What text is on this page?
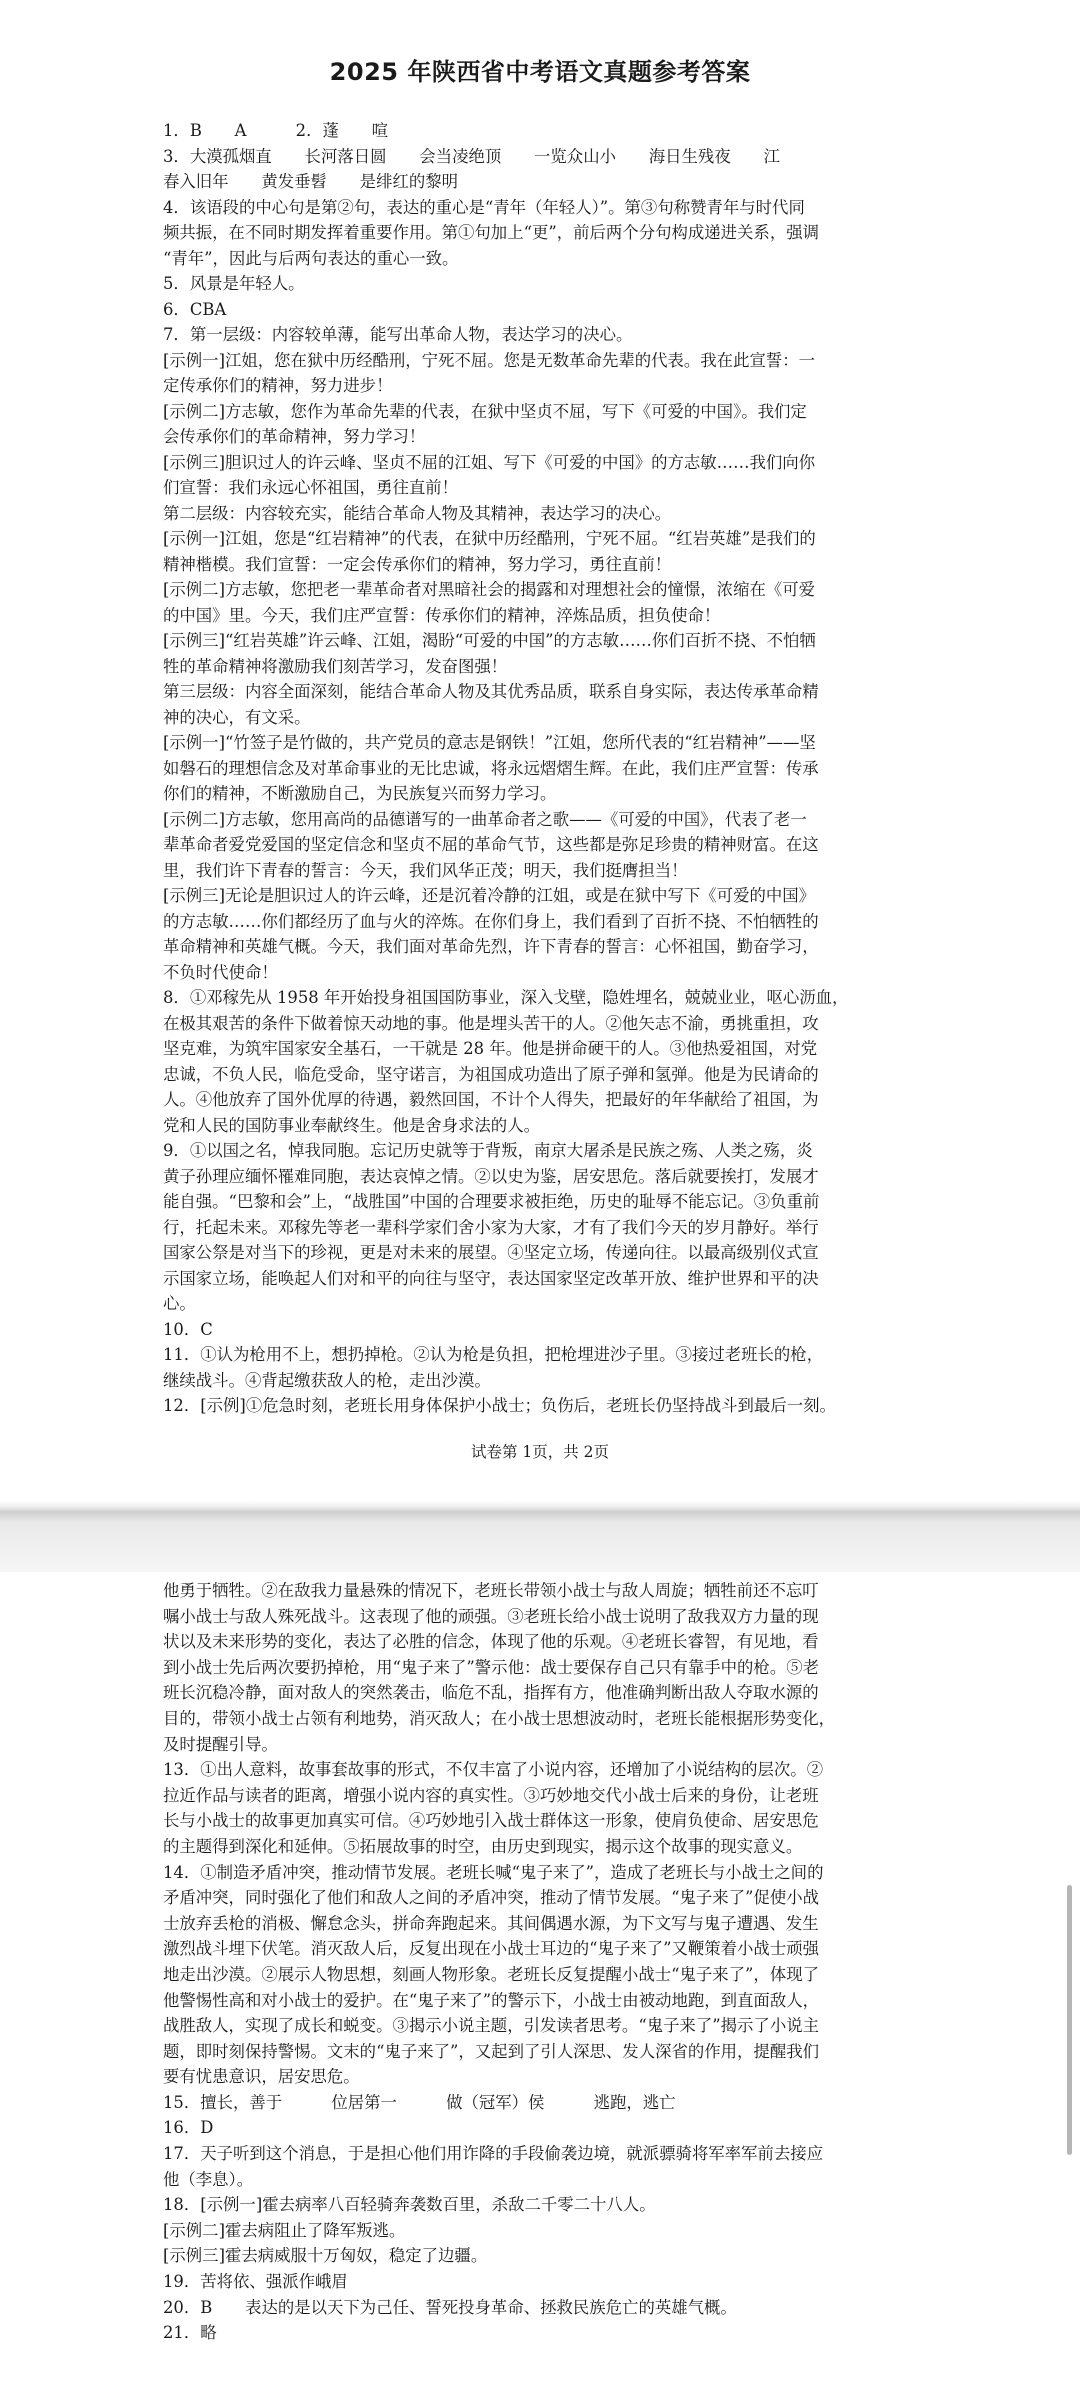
2025 年陕西省中考语文真题参考答案
1．B　　A　　　2．蓬　　喧
3．大漠孤烟直　　长河落日圆　　会当凌绝顶　　一览众山小　　海日生残夜　　江
春入旧年　　黄发垂髫　　是绯红的黎明
4．该语段的中心句是第②句，表达的重心是“青年（年轻人）”。第③句称赞青年与时代同
频共振，在不同时期发挥着重要作用。第①句加上“更”，前后两个分句构成递进关系，强调
“青年”，因此与后两句表达的重心一致。
5．风景是年轻人。
6．CBA
7．第一层级：内容较单薄，能写出革命人物，表达学习的决心。
[示例一]江姐，您在狱中历经酷刑，宁死不屈。您是无数革命先辈的代表。我在此宣誓：一
定传承你们的精神，努力进步！
[示例二]方志敏，您作为革命先辈的代表，在狱中坚贞不屈，写下《可爱的中国》。我们定
会传承你们的革命精神，努力学习！
[示例三]胆识过人的许云峰、坚贞不屈的江姐、写下《可爱的中国》的方志敏……我们向你
们宣誓：我们永远心怀祖国，勇往直前！
第二层级：内容较充实，能结合革命人物及其精神，表达学习的决心。
[示例一]江姐，您是“红岩精神”的代表，在狱中历经酷刑，宁死不屈。“红岩英雄”是我们的
精神楷模。我们宣誓：一定会传承你们的精神，努力学习，勇往直前！
[示例二]方志敏，您把老一辈革命者对黑暗社会的揭露和对理想社会的憧憬，浓缩在《可爱
的中国》里。今天，我们庄严宣誓：传承你们的精神，淬炼品质，担负使命！
[示例三]“红岩英雄”许云峰、江姐，渴盼“可爱的中国”的方志敏……你们百折不挠、不怕牺
牲的革命精神将激励我们刻苦学习，发奋图强！
第三层级：内容全面深刻，能结合革命人物及其优秀品质，联系自身实际，表达传承革命精
神的决心，有文采。
[示例一]“竹签子是竹做的，共产党员的意志是钢铁！”江姐，您所代表的“红岩精神”——坚
如磐石的理想信念及对革命事业的无比忠诚，将永远熠熠生辉。在此，我们庄严宣誓：传承
你们的精神，不断激励自己，为民族复兴而努力学习。
[示例二]方志敏，您用高尚的品德谱写的一曲革命者之歌——《可爱的中国》，代表了老一
辈革命者爱党爱国的坚定信念和坚贞不屈的革命气节，这些都是弥足珍贵的精神财富。在这
里，我们许下青春的誓言：今天，我们风华正茂；明天，我们挺膺担当！
[示例三]无论是胆识过人的许云峰，还是沉着冷静的江姐，或是在狱中写下《可爱的中国》
的方志敏……你们都经历了血与火的淬炼。在你们身上，我们看到了百折不挠、不怕牺牲的
革命精神和英雄气概。今天，我们面对革命先烈，许下青春的誓言：心怀祖国，勤奋学习，
不负时代使命！
8．①邓稼先从 1958 年开始投身祖国国防事业，深入戈壁，隐姓埋名，兢兢业业，呕心沥血，
在极其艰苦的条件下做着惊天动地的事。他是埋头苦干的人。②他矢志不渝，勇挑重担，攻
坚克难，为筑牢国家安全基石，一干就是 28 年。他是拼命硬干的人。③他热爱祖国，对党
忠诚，不负人民，临危受命，坚守诺言，为祖国成功造出了原子弹和氢弹。他是为民请命的
人。④他放弃了国外优厚的待遇，毅然回国，不计个人得失，把最好的年华献给了祖国，为
党和人民的国防事业奉献终生。他是舍身求法的人。
9．①以国之名，悼我同胞。忘记历史就等于背叛，南京大屠杀是民族之殇、人类之殇，炎
黄子孙理应缅怀罹难同胞，表达哀悼之情。②以史为鉴，居安思危。落后就要挨打，发展才
能自强。“巴黎和会”上，“战胜国”中国的合理要求被拒绝，历史的耻辱不能忘记。③负重前
行，托起未来。邓稼先等老一辈科学家们舍小家为大家，才有了我们今天的岁月静好。举行
国家公祭是对当下的珍视，更是对未来的展望。④坚定立场，传递向往。以最高级别仪式宣
示国家立场，能唤起人们对和平的向往与坚守，表达国家坚定改革开放、维护世界和平的决
心。
10．C
11．①认为枪用不上，想扔掉枪。②认为枪是负担，把枪埋进沙子里。③接过老班长的枪，
继续战斗。④背起缴获敌人的枪，走出沙漠。
12．[示例]①危急时刻，老班长用身体保护小战士；负伤后，老班长仍坚持战斗到最后一刻。
试卷第 1页，共 2页
他勇于牺牲。②在敌我力量悬殊的情况下，老班长带领小战士与敌人周旋；牺牲前还不忘叮
嘱小战士与敌人殊死战斗。这表现了他的顽强。③老班长给小战士说明了敌我双方力量的现
状以及未来形势的变化，表达了必胜的信念，体现了他的乐观。④老班长睿智，有见地，看
到小战士先后两次要扔掉枪，用“鬼子来了”警示他：战士要保存自己只有靠手中的枪。⑤老
班长沉稳冷静，面对敌人的突然袭击，临危不乱，指挥有方，他准确判断出敌人夺取水源的
目的，带领小战士占领有利地势，消灭敌人；在小战士思想波动时，老班长能根据形势变化，
及时提醒引导。
13．①出人意料，故事套故事的形式，不仅丰富了小说内容，还增加了小说结构的层次。②
拉近作品与读者的距离，增强小说内容的真实性。③巧妙地交代小战士后来的身份，让老班
长与小战士的故事更加真实可信。④巧妙地引入战士群体这一形象，使肩负使命、居安思危
的主题得到深化和延伸。⑤拓展故事的时空，由历史到现实，揭示这个故事的现实意义。
14．①制造矛盾冲突，推动情节发展。老班长喊“鬼子来了”，造成了老班长与小战士之间的
矛盾冲突，同时强化了他们和敌人之间的矛盾冲突，推动了情节发展。“鬼子来了”促使小战
士放弃丢枪的消极、懈怠念头，拼命奔跑起来。其间偶遇水源，为下文写与鬼子遭遇、发生
激烈战斗埋下伏笔。消灭敌人后，反复出现在小战士耳边的“鬼子来了”又鞭策着小战士顽强
地走出沙漠。②展示人物思想，刻画人物形象。老班长反复提醒小战士“鬼子来了”，体现了
他警惕性高和对小战士的爱护。在“鬼子来了”的警示下，小战士由被动地跑，到直面敌人，
战胜敌人，实现了成长和蜕变。③揭示小说主题，引发读者思考。“鬼子来了”揭示了小说主
题，即时刻保持警惕。文末的“鬼子来了”，又起到了引人深思、发人深省的作用，提醒我们
要有忧患意识，居安思危。
15．擅长，善于　　　位居第一　　　做（冠军）侯　　　逃跑，逃亡
16．D
17．天子听到这个消息，于是担心他们用诈降的手段偷袭边境，就派骠骑将军率军前去接应
他（李息）。
18．[示例一]霍去病率八百轻骑奔袭数百里，杀敌二千零二十八人。
[示例二]霍去病阻止了降军叛逃。
[示例三]霍去病威服十万匈奴，稳定了边疆。
19．苦将依、强派作峨眉
20．B　　表达的是以天下为己任、誓死投身革命、拯救民族危亡的英雄气概。
21．略
